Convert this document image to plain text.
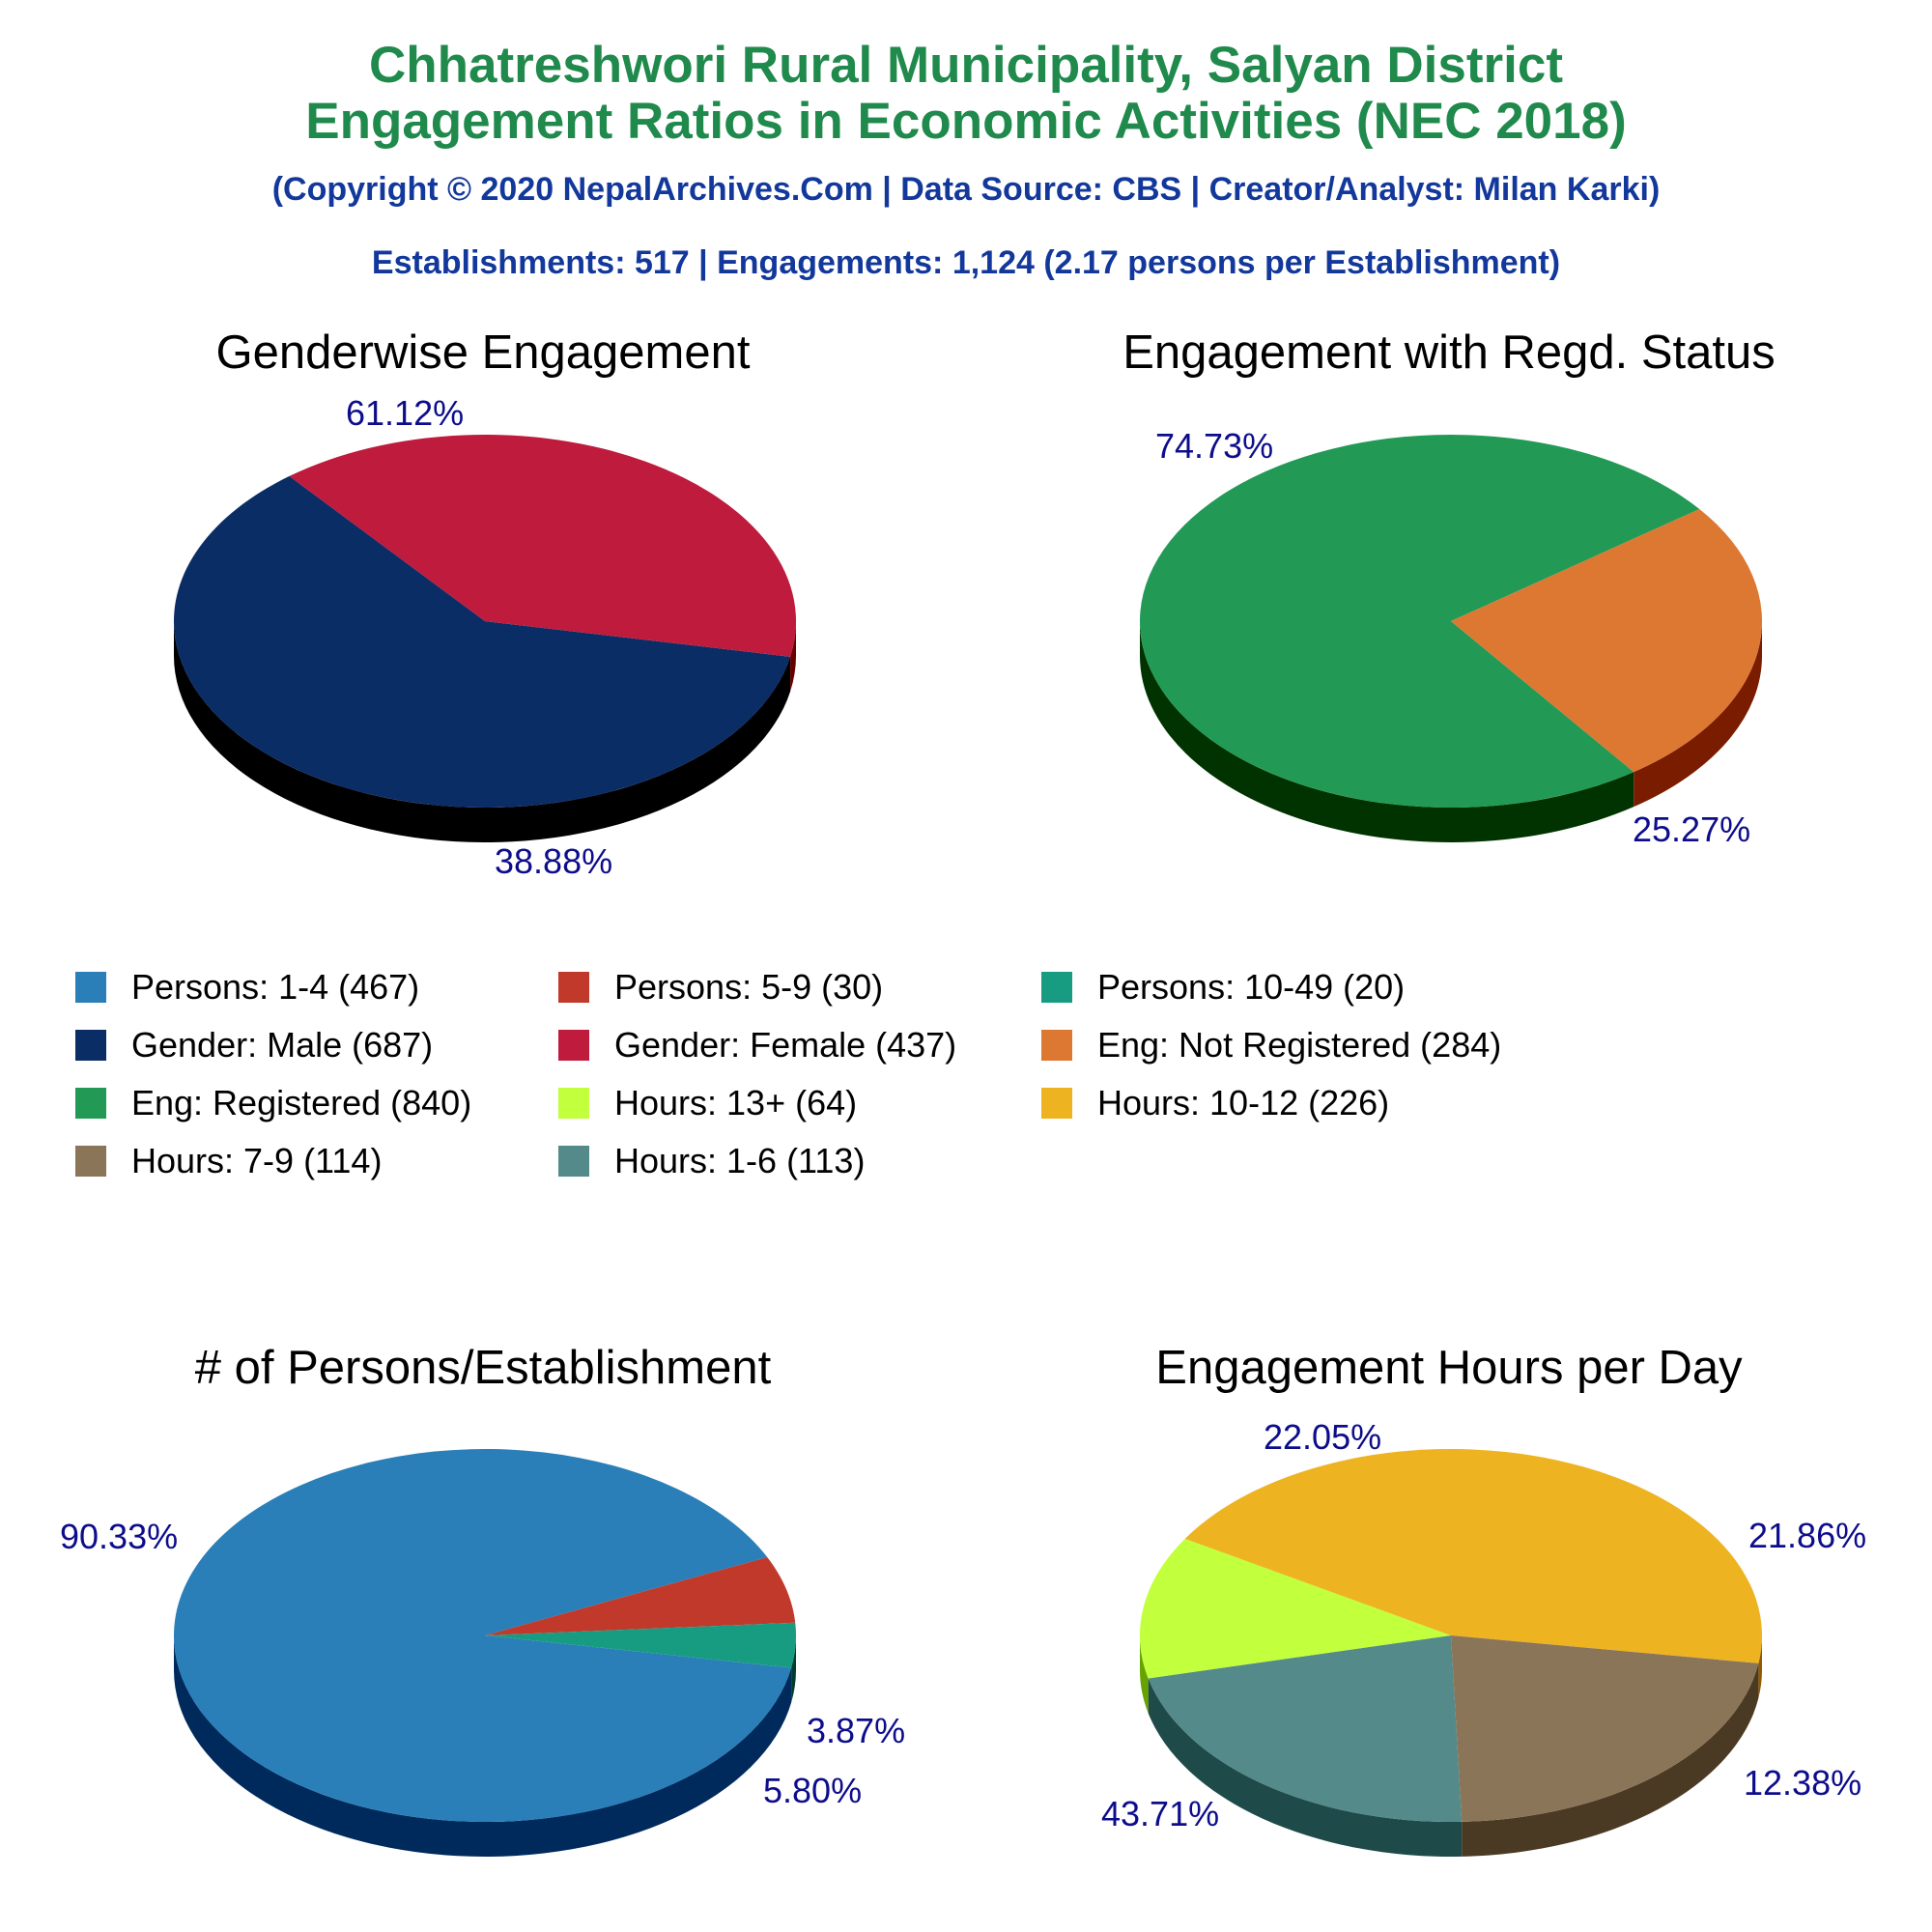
Chhatreshwori Rural Municipality, Salyan District
Engagement Ratios in Economic Activities (NEC 2018)
(Copyright © 2020 NepalArchives.Com | Data Source: CBS | Creator/Analyst: Milan Karki)
Establishments: 517 | Engagements: 1,124 (2.17 persons per Establishment)
Genderwise Engagement	Engagement with Regd. Status
# of Persons/Establishment	Engagement Hours per Day
61.12%
38.88%
74.73%
25.27%
90.33%
5.80%
3.87%
21.86%
12.38%
43.71%
22.05%
Persons: 1-4 (467)	Persons: 5-9 (30)	Persons: 10-49 (20)
Gender: Male (687)	Gender: Female (437)	Eng: Not Registered (284)
Eng: Registered (840)	Hours: 13+ (64)	Hours: 10-12 (226)
Hours: 7-9 (114)	Hours: 1-6 (113)
